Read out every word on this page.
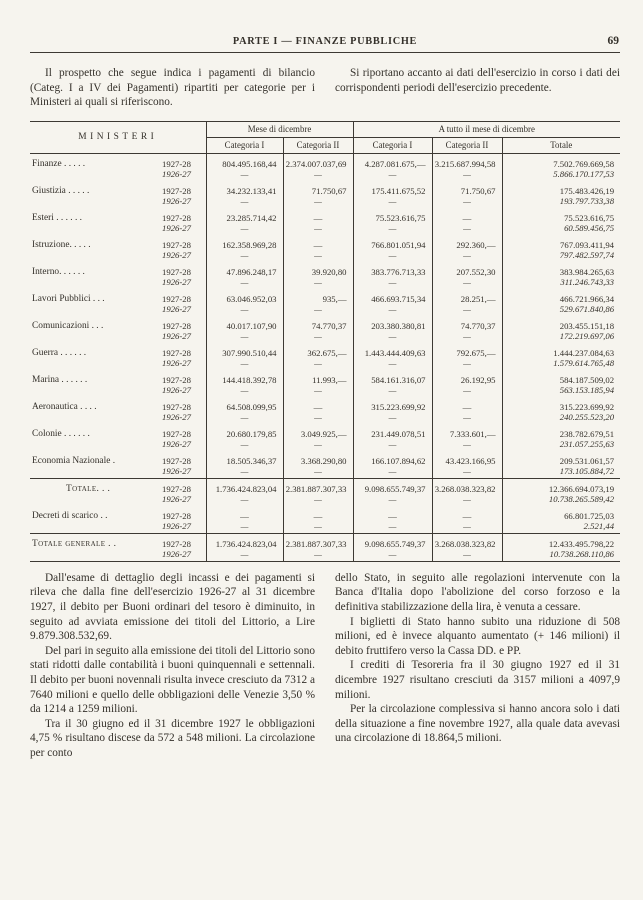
PARTE I — FINANZE PUBBLICHE	69

Il prospetto che segue indica i pagamenti di bilancio (Categ. I a IV dei Pagamenti) ripartiti per categorie per i Ministeri ai quali si riferiscono.

Si riportano accanto ai dati dell'esercizio in corso i dati dei corrispondenti periodi dell'esercizio precedente.

MINISTERI		Mese di dicembre		A tutto il mese di dicembre		
		Categoria I	Categoria II	Categoria I	Categoria II	Totale
Finanze . . . . .	1927-28	804.495.168,44	2.374.007.037,69	4.287.081.675,—	3.215.687.994,58	7.502.769.669,58
	1926-27	—	—	—	—	5.866.170.177,53
Giustizia . . . . .	1927-28	34.232.133,41	71.750,67	175.411.675,52	71.750,67	175.483.426,19
	1926-27	—	—	—	—	193.797.733,38
Esteri . . . . . .	1927-28	23.285.714,42	—	75.523.616,75	—	75.523.616,75
	1926-27	—	—	—	—	60.589.456,75
Istruzione. . . . .	1927-28	162.358.969,28	—	766.801.051,94	292.360,—	767.093.411,94
	1926-27	—	—	—	—	797.482.597,74
Interno. . . . . .	1927-28	47.896.248,17	39.920,80	383.776.713,33	207.552,30	383.984.265,63
	1926-27	—	—	—	—	311.246.743,33
Lavori Pubblici . . .	1927-28	63.046.952,03	935,—	466.693.715,34	28.251,—	466.721.966,34
	1926-27	—	—	—	—	529.671.840,86
Comunicazioni . . .	1927-28	40.017.107,90	74.770,37	203.380.380,81	74.770,37	203.455.151,18
	1926-27	—	—	—	—	172.219.697,06
Guerra . . . . . .	1927-28	307.990.510,44	362.675,—	1.443.444.409,63	792.675,—	1.444.237.084,63
	1926-27	—	—	—	—	1.579.614.765,48
Marina . . . . . .	1927-28	144.418.392,78	11.993,—	584.161.316,07	26.192,95	584.187.509,02
	1926-27	—	—	—	—	563.153.185,94
Aeronautica . . . .	1927-28	64.508.099,95	—	315.223.699,92	—	315.223.699,92
	1926-27	—	—	—	—	240.255.523,20
Colonie . . . . . .	1927-28	20.680.179,85	3.049.925,—	231.449.078,51	7.333.601,—	238.782.679,51
	1926-27	—	—	—	—	231.057.255,63
Economia Nazionale .	1927-28	18.505.346,37	3.368.290,80	166.107.894,62	43.423.166,95	209.531.061,57
	1926-27	—	—	—	—	173.105.884,72
Totale. . .	1927-28	1.736.424.823,04	2.381.887.307,33	9.098.655.749,37	3.268.038.323,82	12.366.694.073,19
	1926-27	—	—	—	—	10.738.265.589,42
Decreti di scarico . .	1927-28	—	—	—	—	66.801.725,03
	1926-27	—	—	—	—	2.521,44
Totale generale . .	1927-28	1.736.424.823,04	2.381.887.307,33	9.098.655.749,37	3.268.038.323,82	12.433.495.798,22
	1926-27	—	—	—	—	10.738.268.110,86

Dall'esame di dettaglio degli incassi e dei pagamenti si rileva che dalla fine dell'esercizio 1926-27 al 31 dicembre 1927, il debito per Buoni ordinari del tesoro è diminuito, in seguito ad avviata emissione dei titoli del Littorio, a Lire 9.879.308.532,69.

Del pari in seguito alla emissione dei titoli del Littorio sono stati ridotti dalle contabilità i buoni quinquennali e settennali. Il debito per buoni novennali risulta invece cresciuto da 7312 a 7640 milioni e quello delle obbligazioni delle Venezie 3,50 % da 1214 a 1259 milioni.

Tra il 30 giugno ed il 31 dicembre 1927 le obbligazioni 4,75 % risultano discese da 572 a 548 milioni. La circolazione per conto

dello Stato, in seguito alle regolazioni intervenute con la Banca d'Italia dopo l'abolizione del corso forzoso e la definitiva stabilizzazione della lira, è venuta a cessare.

I biglietti di Stato hanno subito una riduzione di 508 milioni, ed è invece alquanto aumentato (+ 146 milioni) il debito fruttifero verso la Cassa DD. e PP.

I crediti di Tesoreria fra il 30 giugno 1927 ed il 31 dicembre 1927 risultano cresciuti da 3157 milioni a 4097,9 milioni.

Per la circolazione complessiva si hanno ancora solo i dati della situazione a fine novembre 1927, alla quale data avevasi una circolazione di 18.864,5 milioni.
